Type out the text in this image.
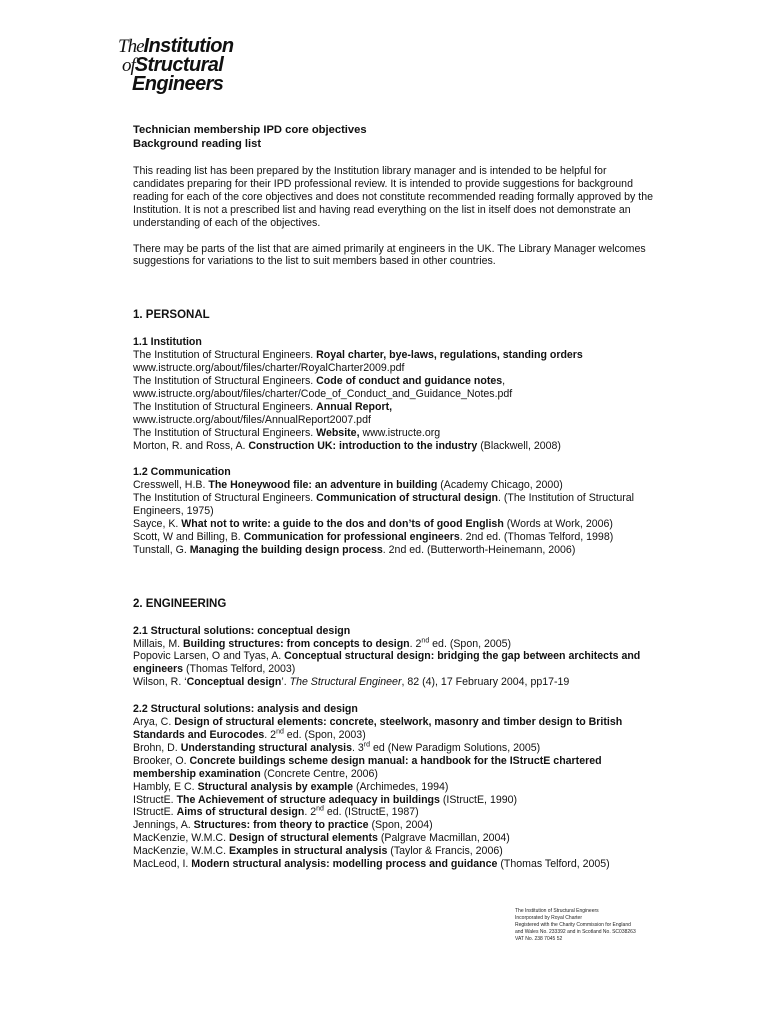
TheInstitution
ofStructural
Engineers
Technician membership IPD core objectives
Background reading list

This reading list has been prepared by the Institution library manager and is intended to be helpful for candidates preparing for their IPD professional review. It is intended to provide suggestions for background reading for each of the core objectives and does not constitute recommended reading formally approved by the Institution. It is not a prescribed list and having read everything on the list in itself does not demonstrate an understanding of each of the objectives.

There may be parts of the list that are aimed primarily at engineers in the UK. The Library Manager welcomes suggestions for variations to the list to suit members based in other countries.

1. PERSONAL
1.1 Institution
The Institution of Structural Engineers. Royal charter, bye-laws, regulations, standing orders
www.istructe.org/about/files/charter/RoyalCharter2009.pdf
The Institution of Structural Engineers. Code of conduct and guidance notes,
www.istructe.org/about/files/charter/Code_of_Conduct_and_Guidance_Notes.pdf
The Institution of Structural Engineers. Annual Report,
www.istructe.org/about/files/AnnualReport2007.pdf
The Institution of Structural Engineers. Website, www.istructe.org
Morton, R. and Ross, A. Construction UK: introduction to the industry (Blackwell, 2008)
1.2 Communication
Cresswell, H.B. The Honeywood file: an adventure in building (Academy Chicago, 2000)
The Institution of Structural Engineers. Communication of structural design. (The Institution of Structural Engineers, 1975)
Sayce, K. What not to write: a guide to the dos and don’ts of good English (Words at Work, 2006)
Scott, W and Billing, B. Communication for professional engineers. 2nd ed. (Thomas Telford, 1998)
Tunstall, G. Managing the building design process. 2nd ed. (Butterworth-Heinemann, 2006)
2. ENGINEERING
2.1 Structural solutions: conceptual design
Millais, M. Building structures: from concepts to design. 2nd ed. (Spon, 2005)
Popovic Larsen, O and Tyas, A. Conceptual structural design: bridging the gap between architects and engineers (Thomas Telford, 2003)
Wilson, R. ‘Conceptual design’. The Structural Engineer, 82 (4), 17 February 2004, pp17-19
2.2 Structural solutions: analysis and design
Arya, C. Design of structural elements: concrete, steelwork, masonry and timber design to British Standards and Eurocodes. 2nd ed. (Spon, 2003)
Brohn, D. Understanding structural analysis. 3rd ed (New Paradigm Solutions, 2005)
Brooker, O. Concrete buildings scheme design manual: a handbook for the IStructE chartered membership examination (Concrete Centre, 2006)
Hambly, E C. Structural analysis by example (Archimedes, 1994)
IStructE. The Achievement of structure adequacy in buildings (IStructE, 1990)
IStructE. Aims of structural design. 2nd ed. (IStructE, 1987)
Jennings, A. Structures: from theory to practice (Spon, 2004)
MacKenzie, W.M.C. Design of structural elements (Palgrave Macmillan, 2004)
MacKenzie, W.M.C. Examples in structural analysis (Taylor & Francis, 2006)
MacLeod, I. Modern structural analysis: modelling process and guidance (Thomas Telford, 2005)
The Institution of Structural Engineers
Incorporated by Royal Charter
Registered with the Charity Commission for England
and Wales No. 233392 and in Scotland No. SC038263
VAT No. 238 7045 52
